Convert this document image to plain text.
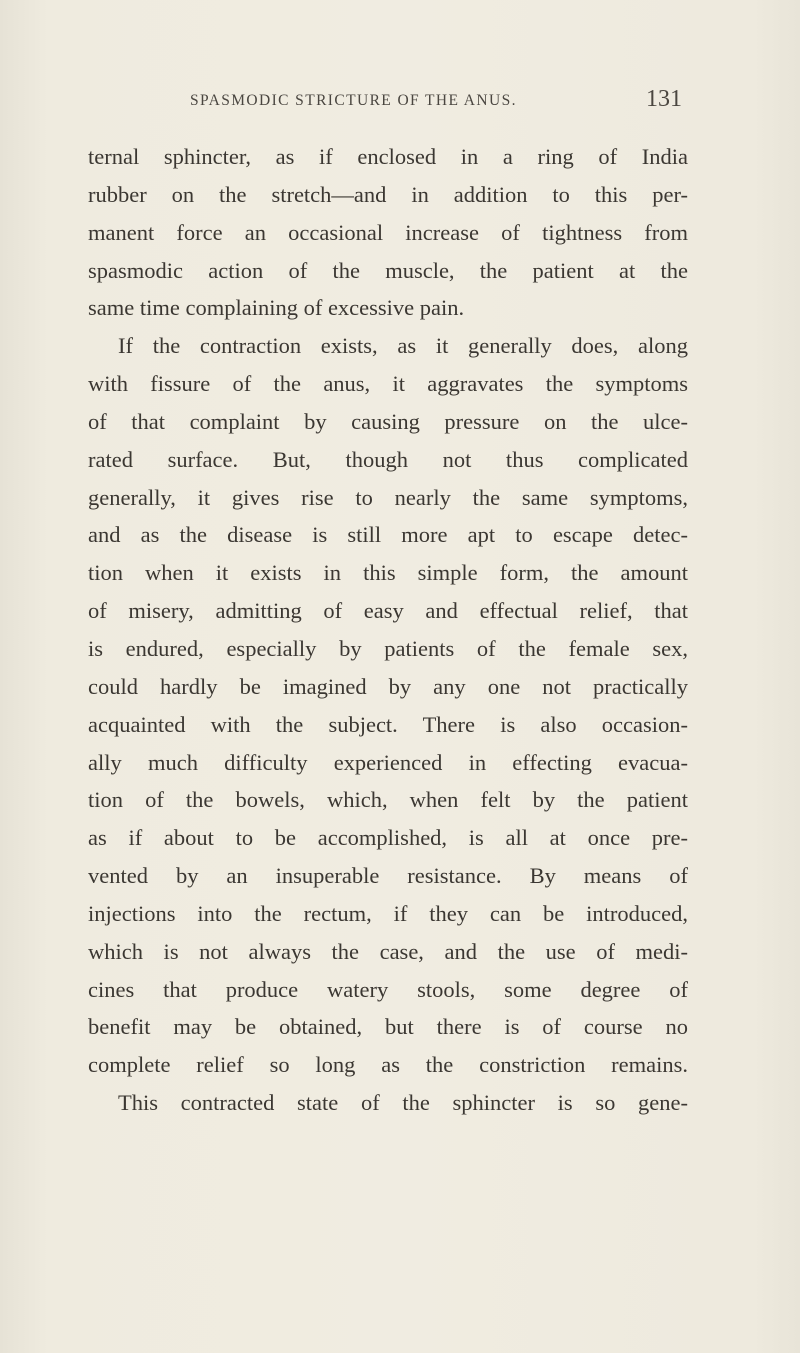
SPASMODIC STRICTURE OF THE ANUS.	131
ternal sphincter, as if enclosed in a ring of India
rubber on the stretch—and in addition to this per-
manent force an occasional increase of tightness from
spasmodic action of the muscle, the patient at the
same time complaining of excessive pain.
If the contraction exists, as it generally does, along
with fissure of the anus, it aggravates the symptoms
of that complaint by causing pressure on the ulce-
rated surface. But, though not thus complicated
generally, it gives rise to nearly the same symptoms,
and as the disease is still more apt to escape detec-
tion when it exists in this simple form, the amount
of misery, admitting of easy and effectual relief, that
is endured, especially by patients of the female sex,
could hardly be imagined by any one not practically
acquainted with the subject. There is also occasion-
ally much difficulty experienced in effecting evacua-
tion of the bowels, which, when felt by the patient
as if about to be accomplished, is all at once pre-
vented by an insuperable resistance. By means of
injections into the rectum, if they can be introduced,
which is not always the case, and the use of medi-
cines that produce watery stools, some degree of
benefit may be obtained, but there is of course no
complete relief so long as the constriction remains.
This contracted state of the sphincter is so gene-
